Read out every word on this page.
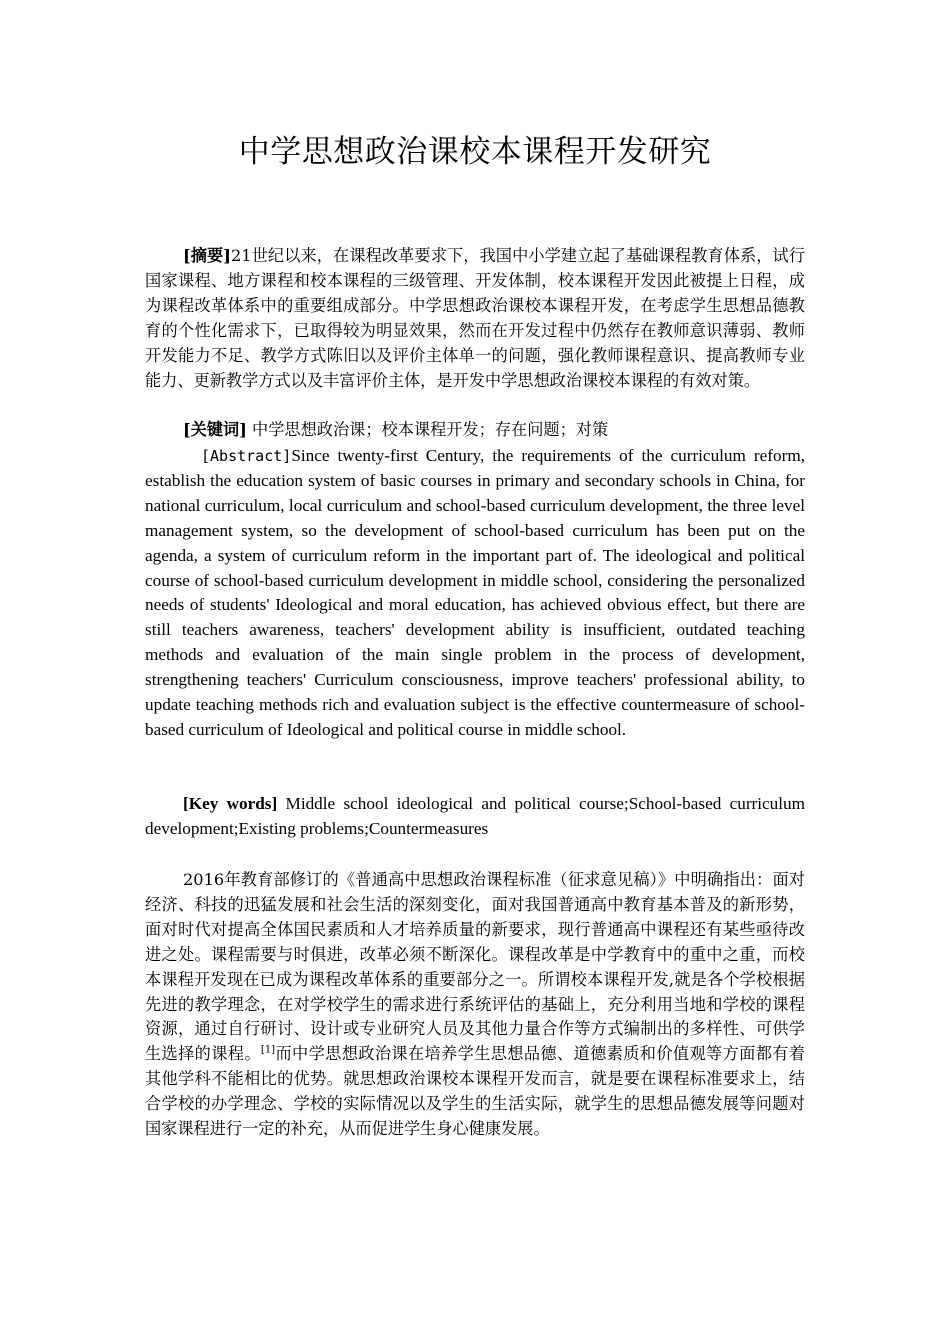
中学思想政治课校本课程开发研究

[摘要]21世纪以来，在课程改革要求下，我国中小学建立起了基础课程教育体系，试行国家课程、地方课程和校本课程的三级管理、开发体制，校本课程开发因此被提上日程，成为课程改革体系中的重要组成部分。中学思想政治课校本课程开发，在考虑学生思想品德教育的个性化需求下，已取得较为明显效果，然而在开发过程中仍然存在教师意识薄弱、教师开发能力不足、教学方式陈旧以及评价主体单一的问题，强化教师课程意识、提高教师专业能力、更新教学方式以及丰富评价主体，是开发中学思想政治课校本课程的有效对策。

[关键词] 中学思想政治课；校本课程开发；存在问题；对策

[Abstract]Since twenty-first Century, the requirements of the curriculum reform, establish the education system of basic courses in primary and secondary schools in China, for national curriculum, local curriculum and school-based curriculum development, the three level management system, so the development of school-based curriculum has been put on the agenda, a system of curriculum reform in the important part of. The ideological and political course of school-based curriculum development in middle school, considering the personalized needs of students' Ideological and moral education, has achieved obvious effect, but there are still teachers awareness, teachers' development ability is insufficient, outdated teaching methods and evaluation of the main single problem in the process of development, strengthening teachers' Curriculum consciousness, improve teachers' professional ability, to update teaching methods rich and evaluation subject is the effective countermeasure of school-based curriculum of Ideological and political course in middle school.

[Key words] Middle school ideological and political course;School-based curriculum development;Existing problems;Countermeasures

2016年教育部修订的《普通高中思想政治课程标准（征求意见稿）》中明确指出：面对经济、科技的迅猛发展和社会生活的深刻变化，面对我国普通高中教育基本普及的新形势，面对时代对提高全体国民素质和人才培养质量的新要求，现行普通高中课程还有某些亟待改进之处。课程需要与时俱进，改革必须不断深化。课程改革是中学教育中的重中之重，而校本课程开发现在已成为课程改革体系的重要部分之一。所谓校本课程开发,就是各个学校根据先进的教学理念，在对学校学生的需求进行系统评估的基础上，充分利用当地和学校的课程资源，通过自行研讨、设计或专业研究人员及其他力量合作等方式编制出的多样性、可供学生选择的课程。[1]而中学思想政治课在培养学生思想品德、道德素质和价值观等方面都有着其他学科不能相比的优势。就思想政治课校本课程开发而言，就是要在课程标准要求上，结合学校的办学理念、学校的实际情况以及学生的生活实际，就学生的思想品德发展等问题对国家课程进行一定的补充，从而促进学生身心健康发展。
